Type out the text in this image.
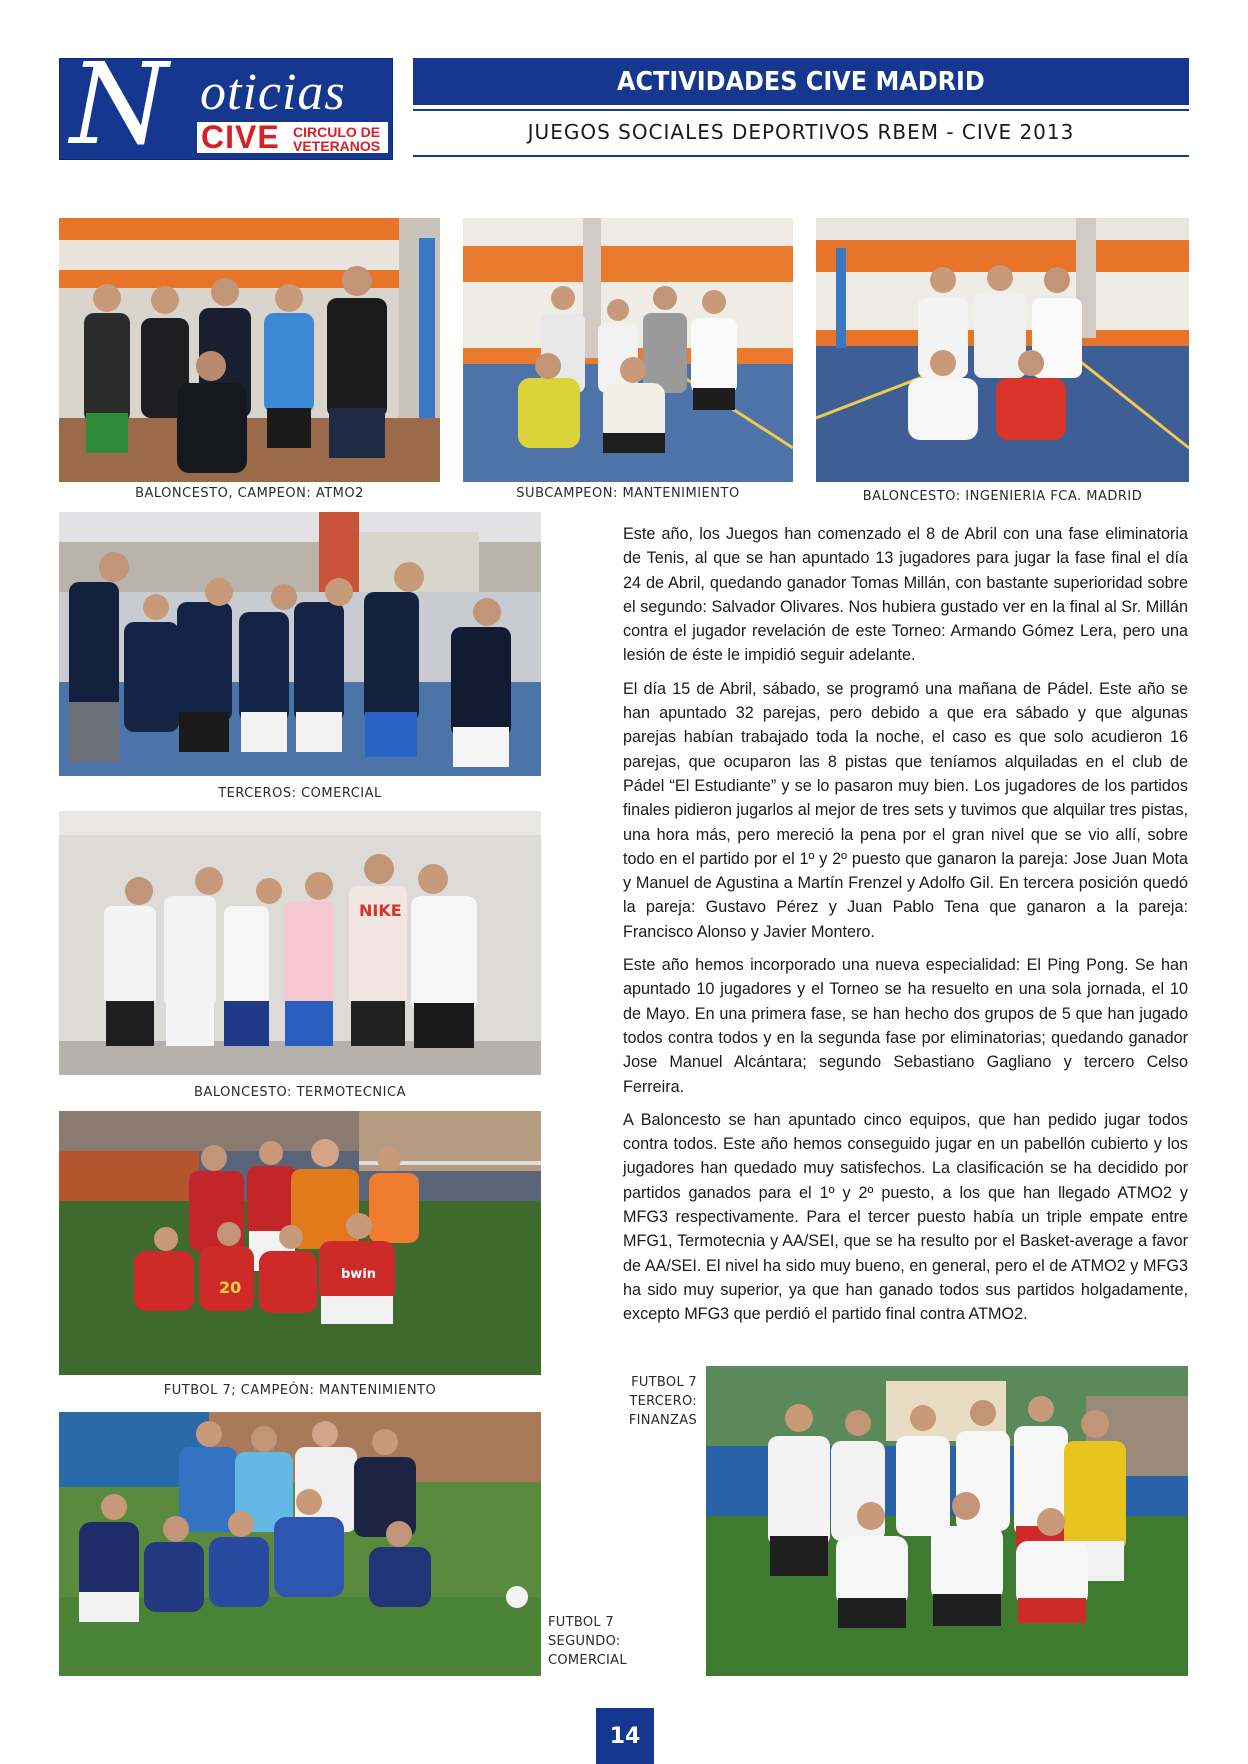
N oticias
CIVE CIRCULO DE
VETERANOS
ACTIVIDADES CIVE MADRID
JUEGOS SOCIALES DEPORTIVOS RBEM - CIVE 2013
BALONCESTO, CAMPEON: ATMO2	SUBCAMPEON: MANTENIMIENTO	BALONCESTO: INGENIERIA FCA. MADRID
TERCEROS: COMERCIAL
NIKE
BALONCESTO: TERMOTECNICA
20
bwin
FUTBOL 7; CAMPEÓN: MANTENIMIENTO
FUTBOL 7
SEGUNDO:
COMERCIAL
FUTBOL 7
TERCERO:
FINANZAS

Este año, los Juegos han comenzado el 8 de Abril con una fase eliminatoria de Tenis, al que se han apuntado 13 jugadores para jugar la fase final el día 24 de Abril, quedando ganador Tomas Millán, con bastante superioridad sobre el segundo: Salvador Olivares. Nos hubiera gustado ver en la final al Sr. Millán contra el jugador revelación de este Torneo: Armando Gómez Lera, pero una lesión de éste le impidió seguir adelante.

El día 15 de Abril, sábado, se programó una mañana de Pádel. Este año se han apuntado 32 parejas, pero debido a que era sábado y que algunas parejas habían trabajado toda la noche, el caso es que solo acudieron 16 parejas, que ocuparon las 8 pistas que teníamos alquiladas en el club de Pádel “El Estudiante” y se lo pasaron muy bien. Los jugadores de los partidos finales pidieron jugarlos al mejor de tres sets y tuvimos que alquilar tres pistas, una hora más, pero mereció la pena por el gran nivel que se vio allí, sobre todo en el partido por el 1º y 2º puesto que ganaron la pareja: Jose Juan Mota y Manuel de Agustina a Martín Frenzel y Adolfo Gil. En tercera posición quedó la pareja: Gustavo Pérez y Juan Pablo Tena que ganaron a la pareja: Francisco Alonso y Javier Montero.

Este año hemos incorporado una nueva especialidad: El Ping Pong. Se han apuntado 10 jugadores y el Torneo se ha resuelto en una sola jornada, el 10 de Mayo. En una primera fase, se han hecho dos grupos de 5 que han jugado todos contra todos y en la segunda fase por eliminatorias; quedando ganador Jose Manuel Alcántara; segundo Sebastiano Gagliano y tercero Celso Ferreira.

A Baloncesto se han apuntado cinco equipos, que han pedido jugar todos contra todos. Este año hemos conseguido jugar en un pabellón cubierto y los jugadores han quedado muy satisfechos. La clasificación se ha decidido por partidos ganados para el 1º y 2º puesto, a los que han llegado ATMO2 y MFG3 respectivamente. Para el tercer puesto había un triple empate entre MFG1, Termotecnia y AA/SEI, que se ha resulto por el Basket-average a favor de AA/SEI. El nivel ha sido muy bueno, en general, pero el de ATMO2 y MFG3 ha sido muy superior, ya que han ganado todos sus partidos holgadamente, excepto MFG3 que perdió el partido final contra ATMO2.

14
